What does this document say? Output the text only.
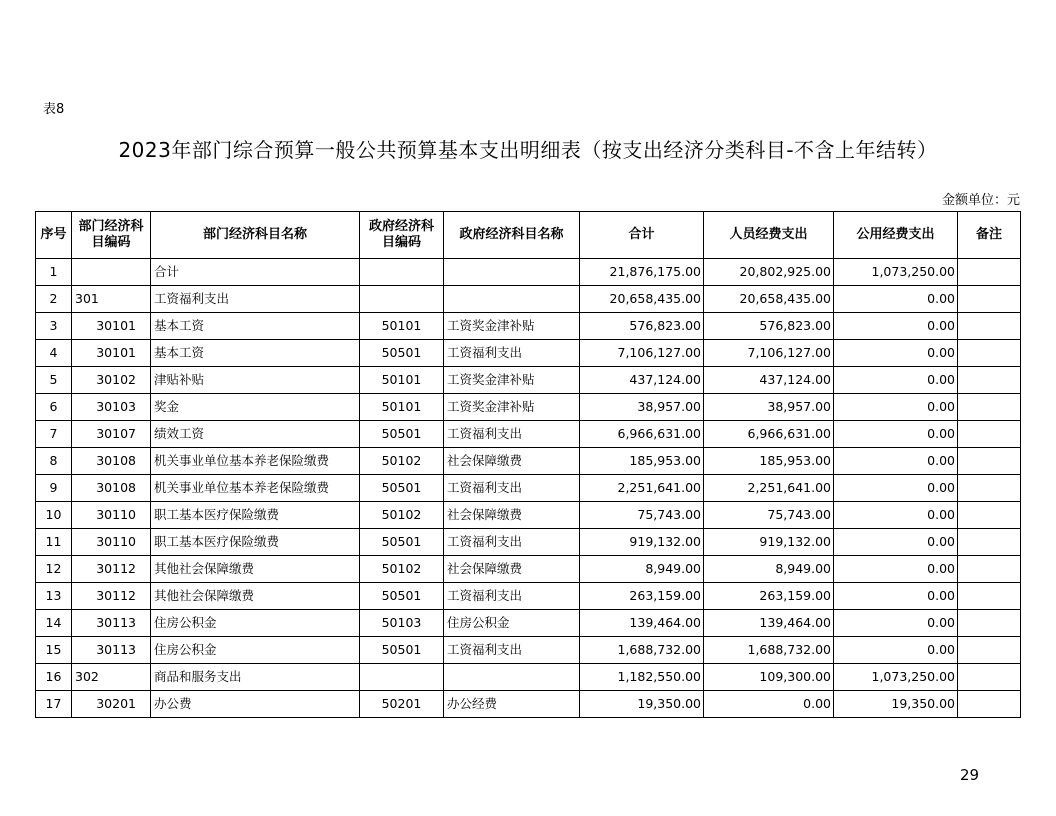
表8
2023年部门综合预算一般公共预算基本支出明细表（按支出经济分类科目-不含上年结转）
金额单位：元
序号	部门经济科目编码	部门经济科目名称	政府经济科目编码	政府经济科目名称	合计	人员经费支出	公用经费支出	备注
1		合计			21,876,175.00	20,802,925.00	1,073,250.00	
2	301	工资福利支出			20,658,435.00	20,658,435.00	0.00	
3	30101	基本工资	50101	工资奖金津补贴	576,823.00	576,823.00	0.00	
4	30101	基本工资	50501	工资福利支出	7,106,127.00	7,106,127.00	0.00	
5	30102	津贴补贴	50101	工资奖金津补贴	437,124.00	437,124.00	0.00	
6	30103	奖金	50101	工资奖金津补贴	38,957.00	38,957.00	0.00	
7	30107	绩效工资	50501	工资福利支出	6,966,631.00	6,966,631.00	0.00	
8	30108	机关事业单位基本养老保险缴费	50102	社会保障缴费	185,953.00	185,953.00	0.00	
9	30108	机关事业单位基本养老保险缴费	50501	工资福利支出	2,251,641.00	2,251,641.00	0.00	
10	30110	职工基本医疗保险缴费	50102	社会保障缴费	75,743.00	75,743.00	0.00	
11	30110	职工基本医疗保险缴费	50501	工资福利支出	919,132.00	919,132.00	0.00	
12	30112	其他社会保障缴费	50102	社会保障缴费	8,949.00	8,949.00	0.00	
13	30112	其他社会保障缴费	50501	工资福利支出	263,159.00	263,159.00	0.00	
14	30113	住房公积金	50103	住房公积金	139,464.00	139,464.00	0.00	
15	30113	住房公积金	50501	工资福利支出	1,688,732.00	1,688,732.00	0.00	
16	302	商品和服务支出			1,182,550.00	109,300.00	1,073,250.00	
17	30201	办公费	50201	办公经费	19,350.00	0.00	19,350.00	
29
